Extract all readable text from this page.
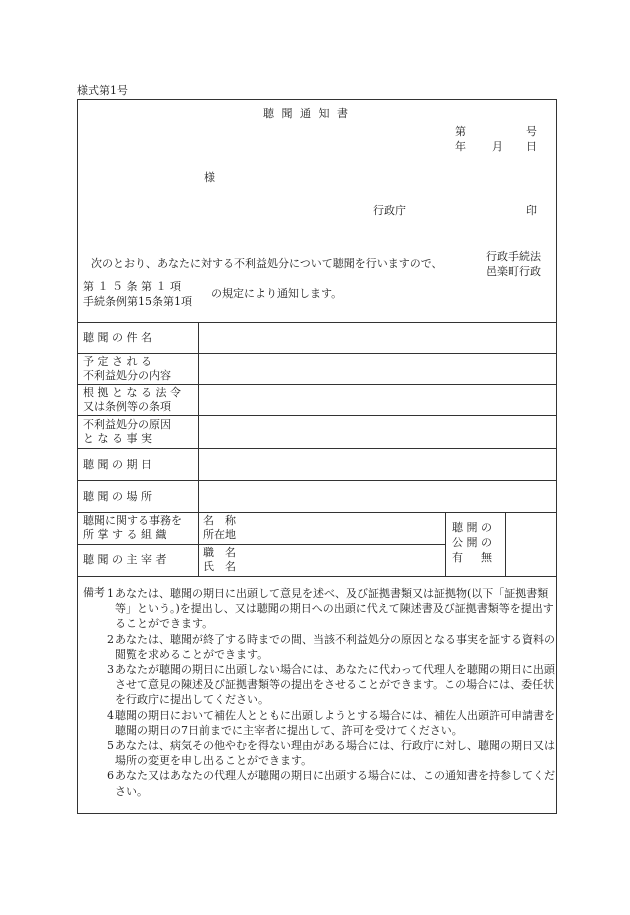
様式第1号
聴 聞 通 知 書
第	号
年 月 日
様
行政庁	印
次のとおり、あなたに対する不利益処分について聴聞を行いますので、
行政手続法
邑楽町行政
第 １ ５ 条 第 １ 項
手続条例第15条第1項
の規定により通知します。
聴 聞 の 件 名
予 定 さ れ る
不利益処分の内容
根 拠 と な る 法 令
又は条例等の条項
不利益処分の原因
と な る 事 実
聴 聞 の 期 日
聴 聞 の 場 所
聴聞に関する事務を
所 掌 す る 組 織
名　称
所在地
聴 聞 の 主 宰 者
職　名
氏　名
聴 開 の
公 開 の
有 　 無
備考 1 あなたは、聴聞の期日に出頭して意見を述べ、及び証拠書類又は証拠物(以下「証拠書類等」という。)を提出し、又は聴聞の期日への出頭に代えて陳述書及び証拠書類等を提出することができます。
2 あなたは、聴聞が終了する時までの間、当該不利益処分の原因となる事実を証する資料の閲覧を求めることができます。
3 あなたが聴聞の期日に出頭しない場合には、あなたに代わって代理人を聴聞の期日に出頭させて意見の陳述及び証拠書類等の提出をさせることができます。この場合には、委任状を行政庁に提出してください。
4 聴聞の期日において補佐人とともに出頭しようとする場合には、補佐人出頭許可申請書を聴聞の期日の7日前までに主宰者に提出して、許可を受けてください。
5 あなたは、病気その他やむを得ない理由がある場合には、行政庁に対し、聴聞の期日又は場所の変更を申し出ることができます。
6 あなた又はあなたの代理人が聴聞の期日に出頭する場合には、この通知書を持参してください。
